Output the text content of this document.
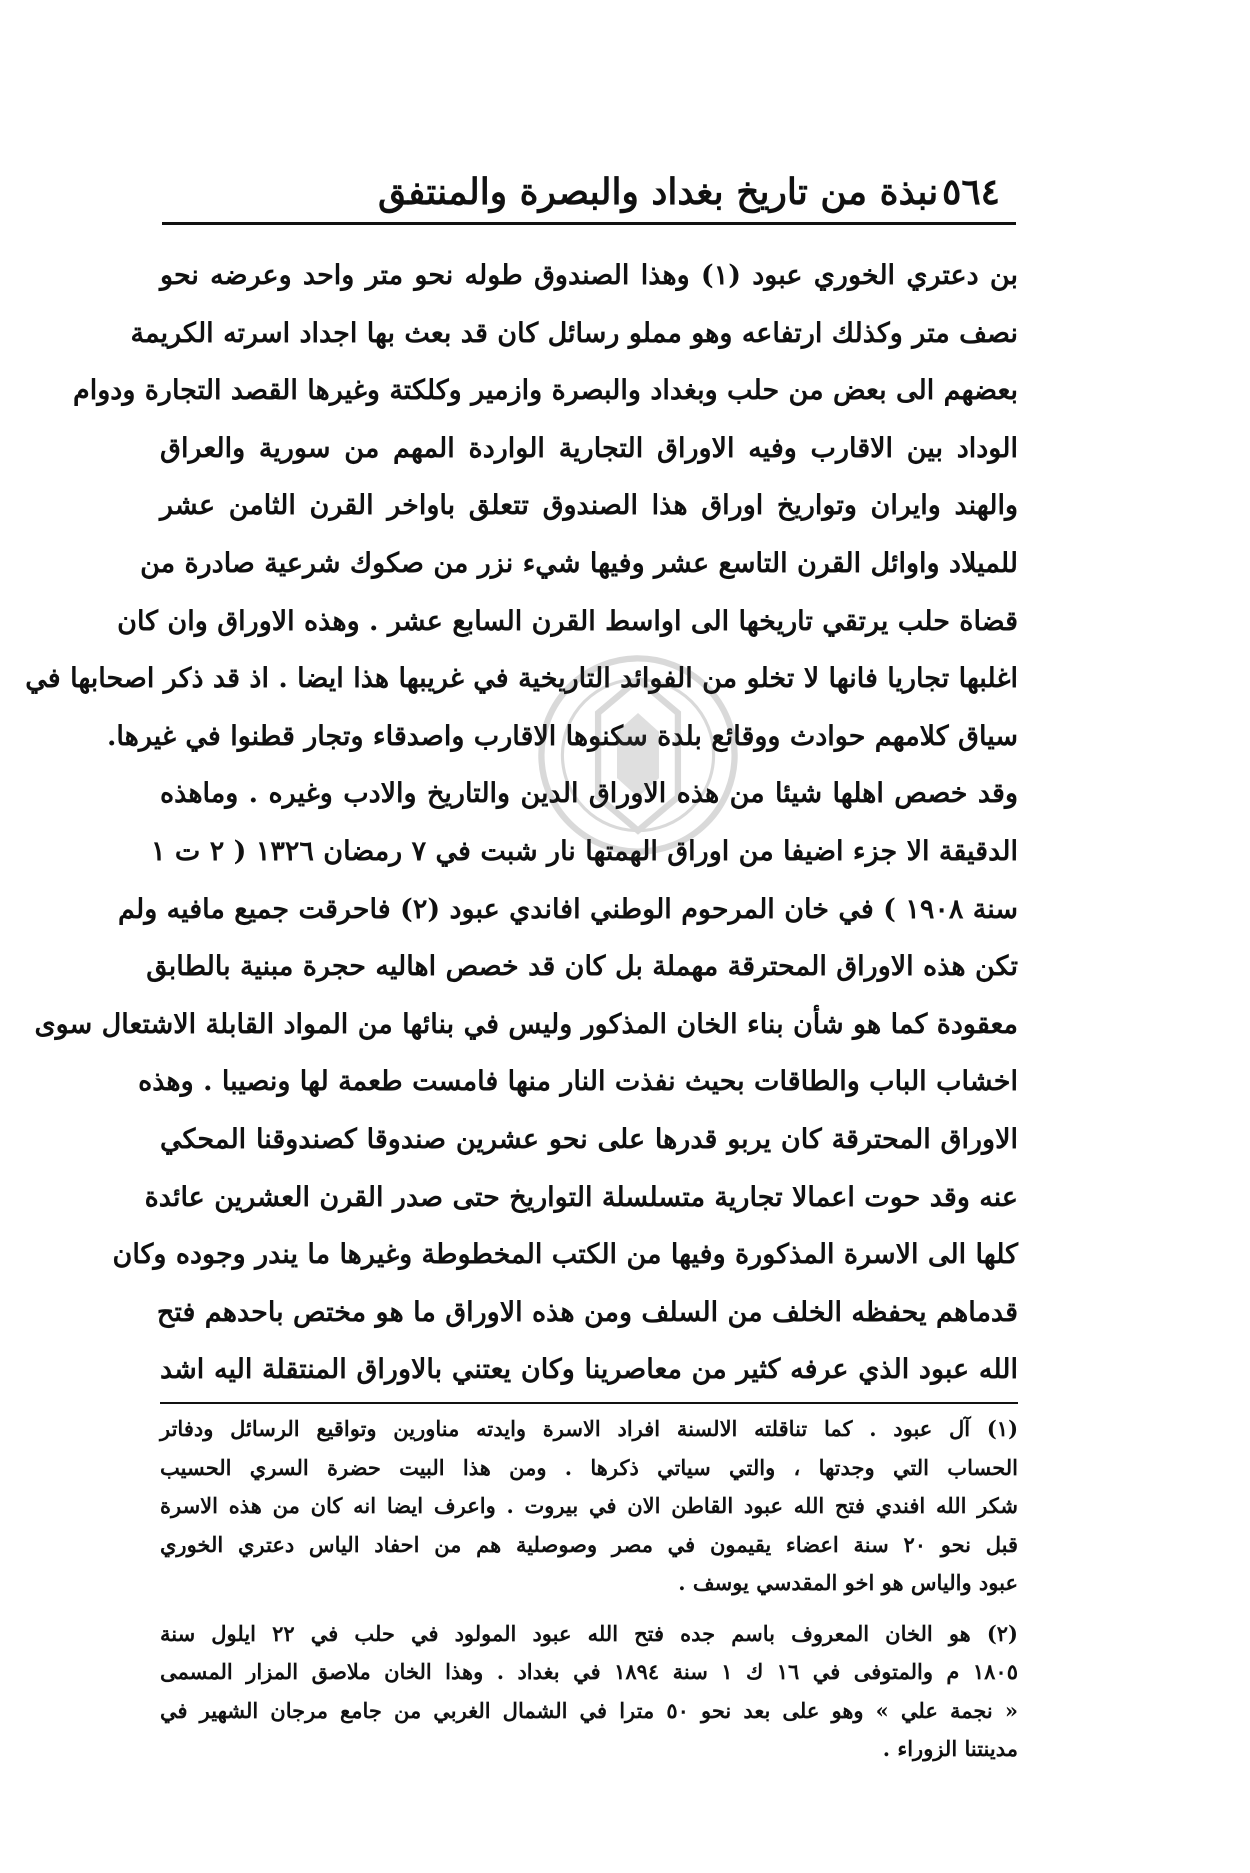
٥٦٤
نبذة من تاريخ بغداد والبصرة والمنتفق
بن دعتري الخوري عبود (١) وهذا الصندوق طوله نحو متر واحد وعرضه نحو
نصف متر وكذلك ارتفاعه وهو مملو رسائل كان قد بعث بها اجداد اسرته الكريمة
بعضهم الى بعض من حلب وبغداد والبصرة وازمير وكلكتة وغيرها القصد التجارة ودوام
الوداد بين الاقارب وفيه الاوراق التجارية الواردة المهم من سورية والعراق
والهند وايران وتواريخ اوراق هذا الصندوق تتعلق باواخر القرن الثامن عشر
للميلاد واوائل القرن التاسع عشر وفيها شيء نزر من صكوك شرعية صادرة من
قضاة حلب يرتقي تاريخها الى اواسط القرن السابع عشر . وهذه الاوراق وان كان
اغلبها تجاريا فانها لا تخلو من الفوائد التاريخية في غريبها هذا ايضا . اذ قد ذكر اصحابها في
سياق كلامهم حوادث ووقائع بلدة سكنوها الاقارب واصدقاء وتجار قطنوا في غيرها.
وقد خصص اهلها شيئا من هذه الاوراق الدين والتاريخ والادب وغيره . وماهذه
الدقيقة الا جزء اضيفا من اوراق الهمتها نار شبت في ٧ رمضان ١٣٢٦ ( ٢ ت ١
سنة ١٩٠٨ ) في خان المرحوم الوطني افاندي عبود (٢) فاحرقت جميع مافيه ولم
تكن هذه الاوراق المحترقة مهملة بل كان قد خصص اهاليه حجرة مبنية بالطابق
معقودة كما هو شأن بناء الخان المذكور وليس في بنائها من المواد القابلة الاشتعال سوى
اخشاب الباب والطاقات بحيث نفذت النار منها فامست طعمة لها ونصيبا . وهذه
الاوراق المحترقة كان يربو قدرها على نحو عشرين صندوقا كصندوقنا المحكي
عنه وقد حوت اعمالا تجارية متسلسلة التواريخ حتى صدر القرن العشرين عائدة
كلها الى الاسرة المذكورة وفيها من الكتب المخطوطة وغيرها ما يندر وجوده وكان
قدماهم يحفظه الخلف من السلف ومن هذه الاوراق ما هو مختص باحدهم فتح
الله عبود الذي عرفه كثير من معاصرينا وكان يعتني بالاوراق المنتقلة اليه اشد
(١) آل عبود . كما تناقلته الالسنة افراد الاسرة وايدته مناورين وتواقيع الرسائل ودفاتر
الحساب التي وجدتها ، والتي سياتي ذكرها . ومن هذا البيت حضرة السري الحسيب
شكر الله افندي فتح الله عبود القاطن الان في بيروت . واعرف ايضا انه كان من هذه الاسرة
قبل نحو ٢٠ سنة اعضاء يقيمون في مصر وصوصلية هم من احفاد الياس دعتري الخوري
عبود والياس هو اخو المقدسي يوسف .
(٢) هو الخان المعروف باسم جده فتح الله عبود المولود في حلب في ٢٢ ايلول سنة
١٨٠٥ م والمتوفى في ١٦ ك ١ سنة ١٨٩٤ في بغداد . وهذا الخان ملاصق المزار المسمى
« نجمة علي » وهو على بعد نحو ٥٠ مترا في الشمال الغربي من جامع مرجان الشهير في
مدينتنا الزوراء .
